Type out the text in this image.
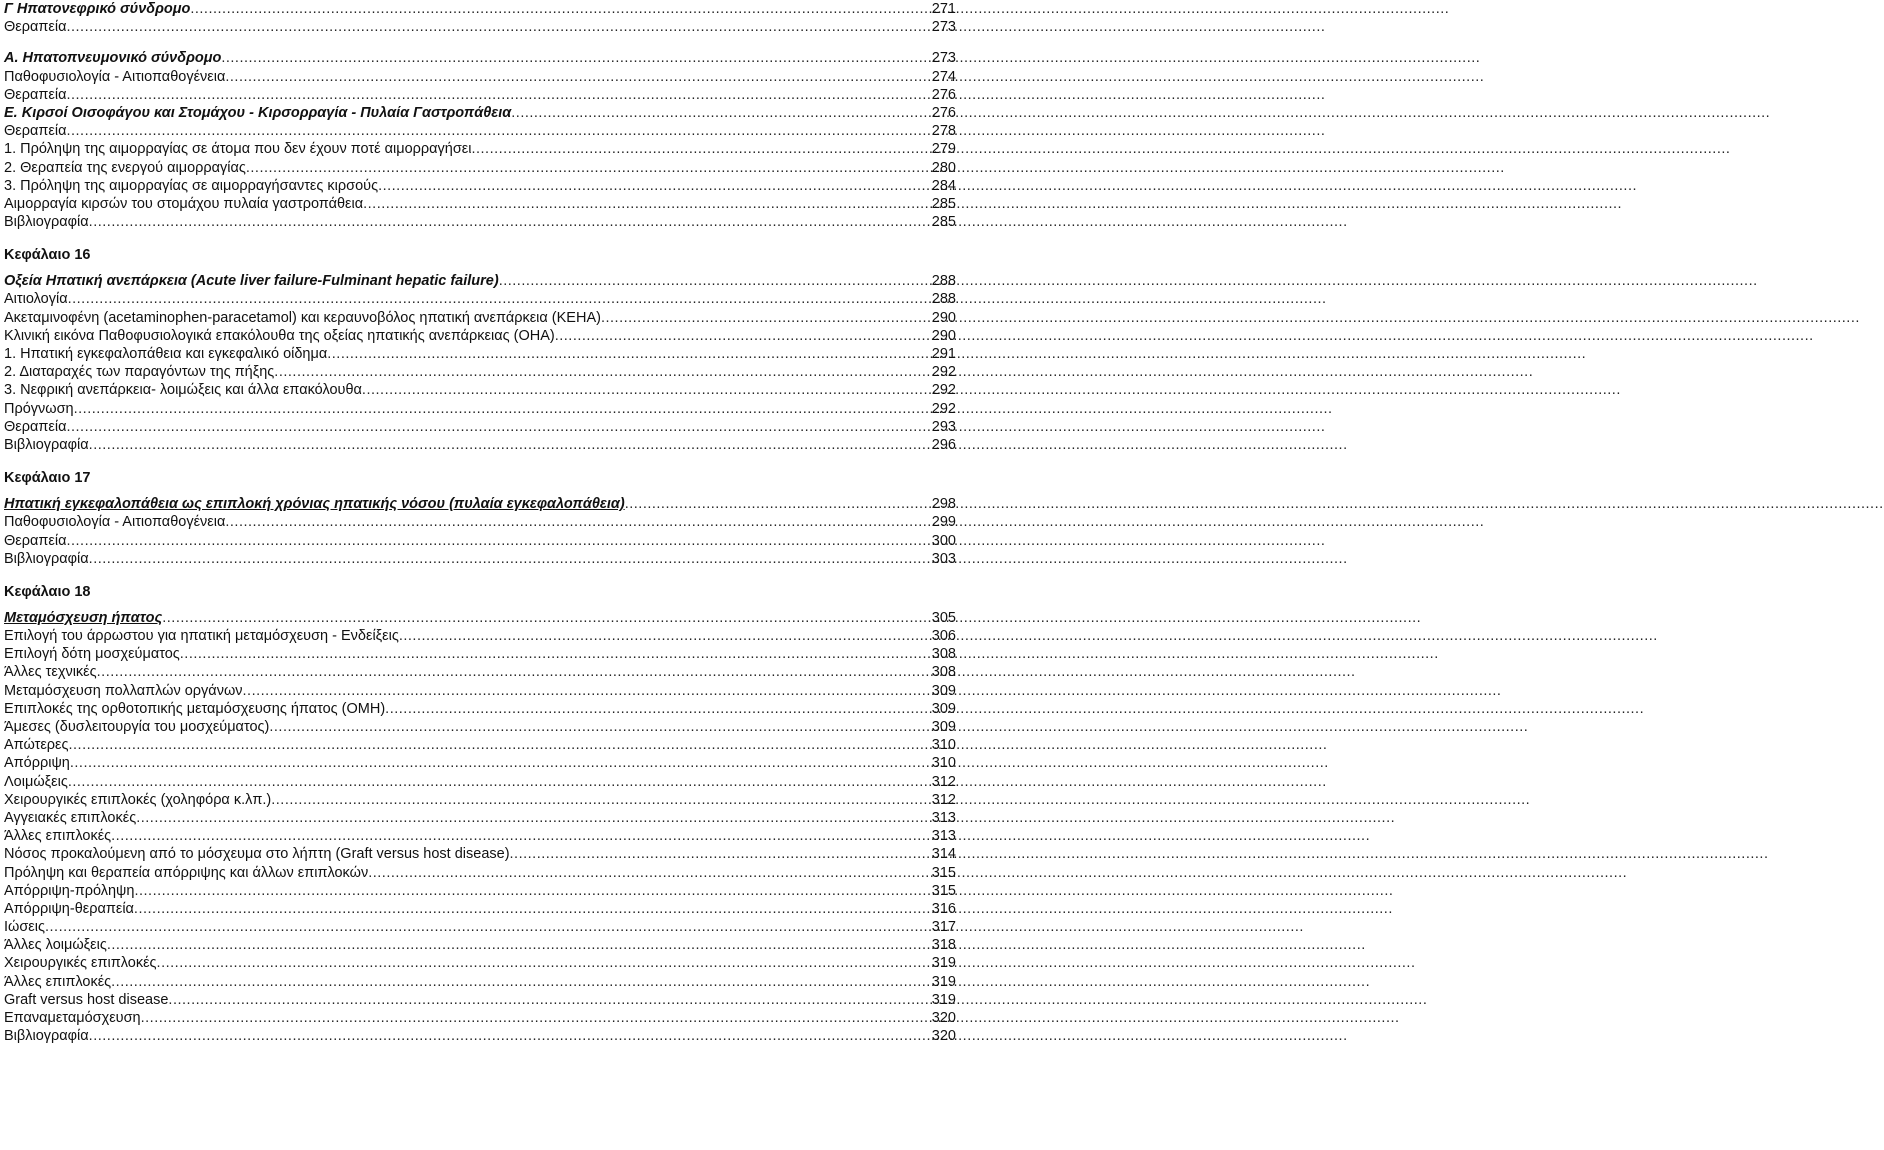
Γ Ηπατονεφρικό σύνδρομο .....	271
Θεραπεία .....	273
Α. Ηπατοπνευμονικό σύνδρομο .....	273
Παθοφυσιολογία - Αιτιοπαθογένεια .....	274
Θεραπεία .....	276
Ε. Κιρσοί Οισοφάγου και Στομάχου - Κιρσορραγία - Πυλαία Γαστροπάθεια .....	276
Θεραπεία .....	278
1. Πρόληψη της αιμορραγίας σε άτομα που δεν έχουν ποτέ αιμορραγήσει .....	279
2. Θεραπεία της ενεργού αιμορραγίας .....	280
3. Πρόληψη της αιμορραγίας σε αιμορραγήσαντες κιρσούς .....	284
Αιμορραγία κιρσών του στομάχου πυλαία γαστροπάθεια .....	285
Βιβλιογραφία .....	285
Κεφάλαιο 16
Οξεία Ηπατική ανεπάρκεια (Acute liver failure-Fulminant hepatic failure) .....	288
Αιτιολογία .....	288
Ακεταμινοφένη (acetaminophen-paracetamol) και κεραυνοβόλος ηπατική ανεπάρκεια (ΚΕΗΑ) .....	290
Κλινική εικόνα Παθοφυσιολογικά επακόλουθα της οξείας ηπατικής ανεπάρκειας (ΟΗΑ) .....	290
1. Ηπατική εγκεφαλοπάθεια και εγκεφαλικό οίδημα .....	291
2. Διαταραχές των παραγόντων της πήξης .....	292
3. Νεφρική ανεπάρκεια- λοιμώξεις και άλλα επακόλουθα .....	292
Πρόγνωση .....	292
Θεραπεία .....	293
Βιβλιογραφία .....	296
Κεφάλαιο 17
Ηπατική εγκεφαλοπάθεια ως επιπλοκή χρόνιας ηπατικής νόσου (πυλαία εγκεφαλοπάθεια) .....	298
Παθοφυσιολογία - Αιτιοπαθογένεια .....	299
Θεραπεία .....	300
Βιβλιογραφία .....	303
Κεφάλαιο 18
Μεταμόσχευση ήπατος .....	305
Επιλογή του άρρωστου για ηπατική μεταμόσχευση - Ενδείξεις .....	306
Επιλογή δότη μοσχεύματος .....	308
Άλλες τεχνικές .....	308
Μεταμόσχευση πολλαπλών οργάνων .....	309
Επιπλοκές της ορθοτοπικής μεταμόσχευσης ήπατος (ΟΜΗ) .....	309
Άμεσες (δυσλειτουργία του μοσχεύματος) .....	309
Απώτερες .....	310
Απόρριψη .....	310
Λοιμώξεις .....	312
Χειρουργικές επιπλοκές (χοληφόρα κ.λπ.) .....	312
Αγγειακές επιπλοκές .....	313
Άλλες επιπλοκές .....	313
Νόσος προκαλούμενη από το μόσχευμα στο λήπτη (Graft versus host disease) .....	314
Πρόληψη και θεραπεία απόρριψης και άλλων επιπλοκών .....	315
Απόρριψη-πρόληψη .....	315
Απόρριψη-θεραπεία .....	316
Ιώσεις .....	317
Άλλες λοιμώξεις .....	318
Χειρουργικές επιπλοκές .....	319
Άλλες επιπλοκές .....	319
Graft versus host disease .....	319
Επαναμεταμόσχευση .....	320
Βιβλιογραφία .....	320
